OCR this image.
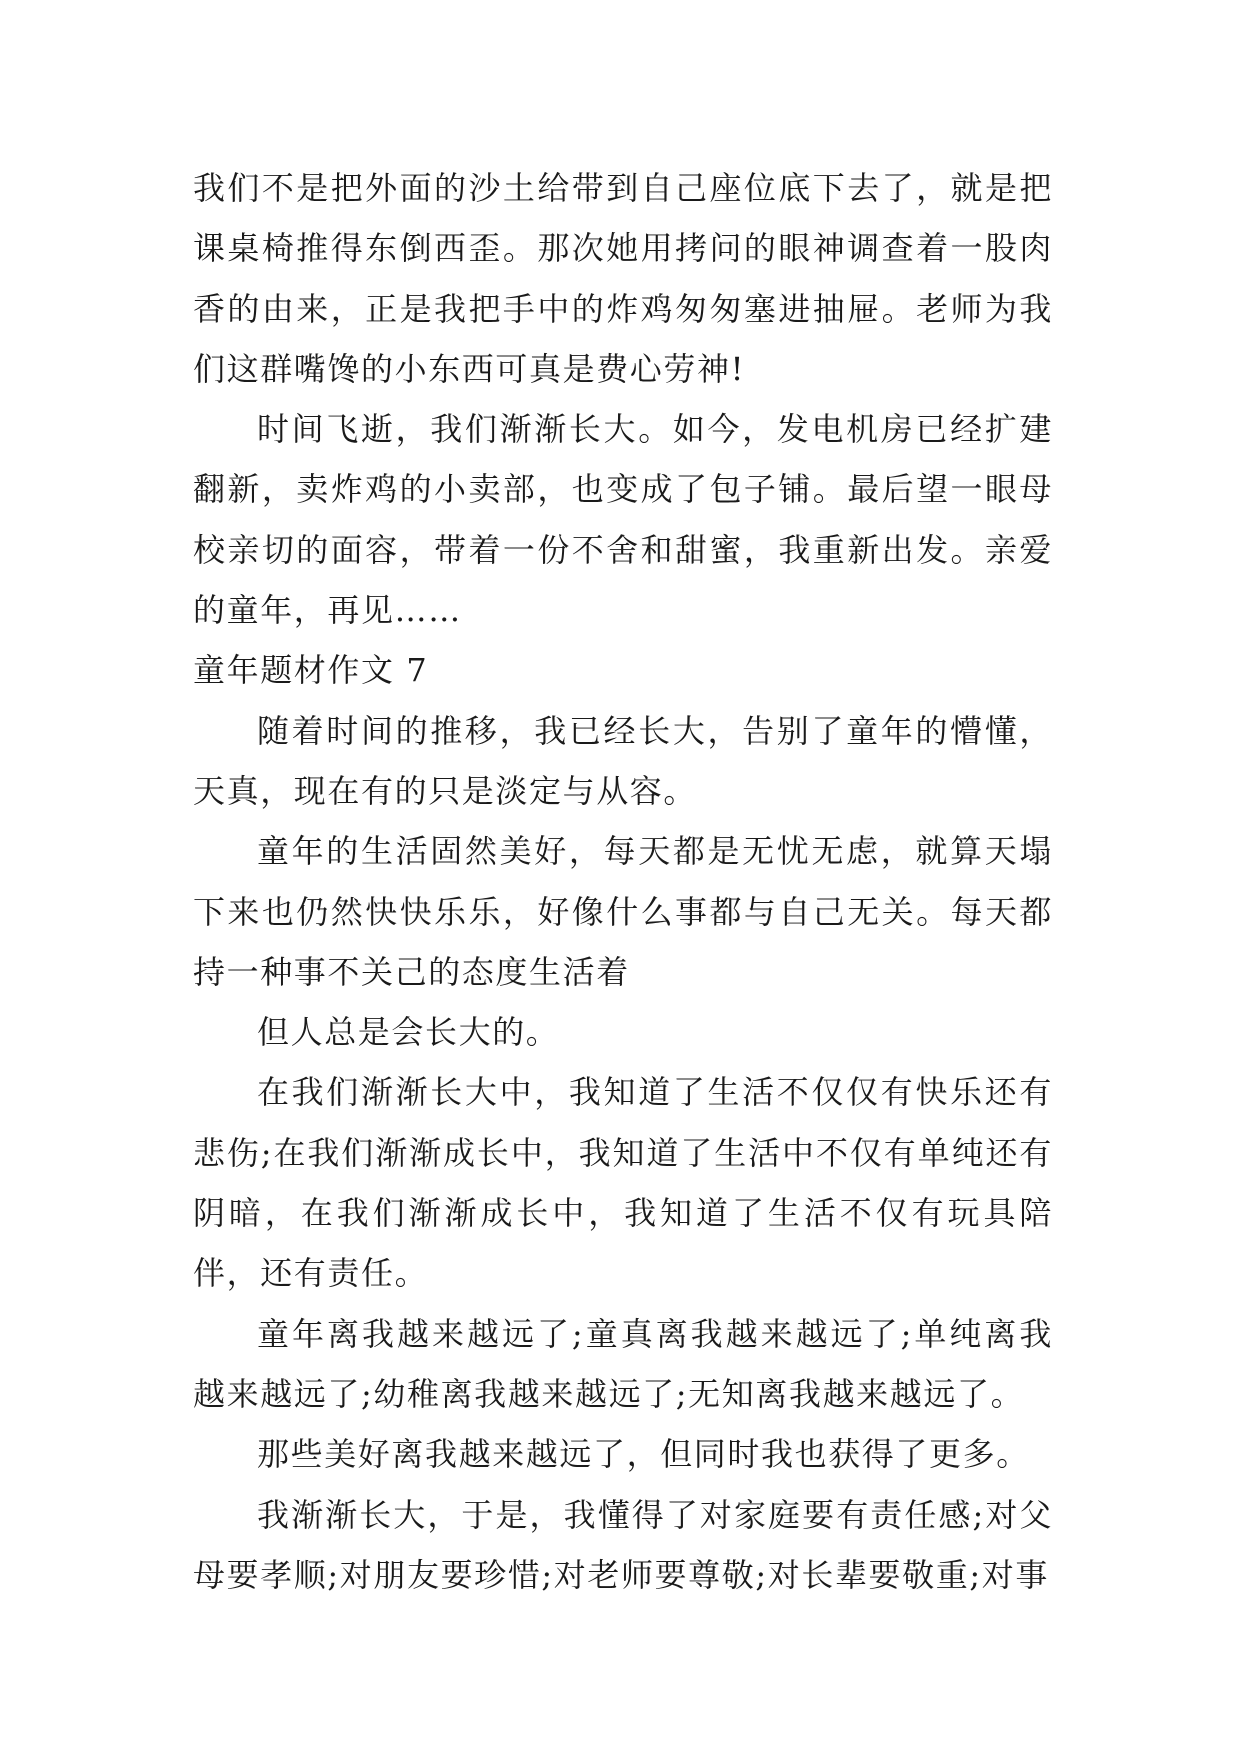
我们不是把外面的沙土给带到自己座位底下去了，就是把课桌椅推得东倒西歪。那次她用拷问的眼神调查着一股肉香的由来，正是我把手中的炸鸡匆匆塞进抽屉。老师为我们这群嘴馋的小东西可真是费心劳神!

时间飞逝，我们渐渐长大。如今，发电机房已经扩建翻新，卖炸鸡的小卖部，也变成了包子铺。最后望一眼母校亲切的面容，带着一份不舍和甜蜜，我重新出发。亲爱的童年，再见……

童年题材作文 7

随着时间的推移，我已经长大，告别了童年的懵懂，天真，现在有的只是淡定与从容。

童年的生活固然美好，每天都是无忧无虑，就算天塌下来也仍然快快乐乐，好像什么事都与自己无关。每天都持一种事不关己的态度生活着

但人总是会长大的。

在我们渐渐长大中，我知道了生活不仅仅有快乐还有悲伤;在我们渐渐成长中，我知道了生活中不仅有单纯还有阴暗，在我们渐渐成长中，我知道了生活不仅有玩具陪伴，还有责任。

童年离我越来越远了;童真离我越来越远了;单纯离我越来越远了;幼稚离我越来越远了;无知离我越来越远了。

那些美好离我越来越远了，但同时我也获得了更多。

我渐渐长大，于是，我懂得了对家庭要有责任感;对父母要孝顺;对朋友要珍惜;对老师要尊敬;对长辈要敬重;对事
